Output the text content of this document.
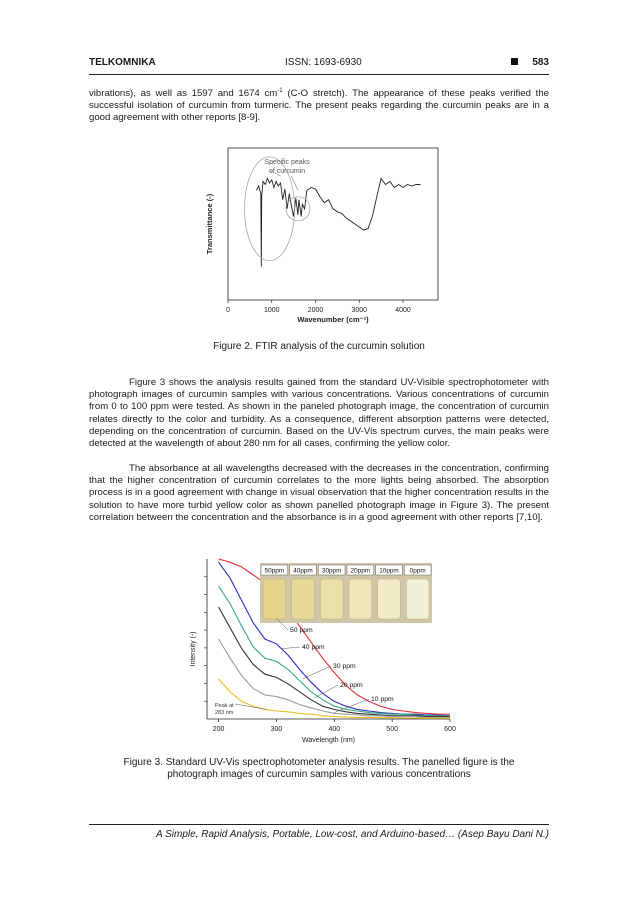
TELKOMNIKA	ISSN: 1693-6930	583

vibrations), as well as 1597 and 1674 $cm^{-1}$ (C-O stretch). The appearance of these peaks verified the successful isolation of curcumin from turmeric. The present peaks regarding the curcumin peaks are in a good agreement with other reports [8-9].

0	1000	2000	3000	4000
Wavenumber (cm⁻¹)
Transmittance (-)
Specific peaks
of curcumin
Figure 2. FTIR analysis of the curcumin solution

Figure 3 shows the analysis results gained from the standard UV-Visible spectrophotometer with photograph images of curcumin samples with various concentrations. Various concentrations of curcumin from 0 to 100 ppm were tested. As shown in the paneled photograph image, the concentration of curcumin relates directly to the color and turbidity. As a consequence, different absorption patterns were detected, depending on the concentration of curcumin. Based on the UV-Vis spectrum curves, the main peaks were detected at the wavelength of about 280 nm for all cases, confirming the yellow color.

The absorbance at all wavelengths decreased with the decreases in the concentration, confirming that the higher concentration of curcumin correlates to the more lights being absorbed. The absorption process is in a good agreement with change in visual observation that the higher concentration results in the solution to have more turbid yellow color as shown panelled photograph image in Figure 3). The present correlation between the concentration and the absorbance is in a good agreement with other reports [7,10].

200	300	400	500	600
Wavelength (nm)
Intensity (-)
50ppm 40ppm 30ppm 20ppm 10ppm 0ppm
50 ppm
40 ppm
30 ppm
20 ppm
10 ppm
Peak at
283 nm
Figure 3. Standard UV-Vis spectrophotometer analysis results. The panelled figure is the
photograph images of curcumin samples with various concentrations
A Simple, Rapid Analysis, Portable, Low-cost, and Arduino-based… (Asep Bayu Dani N.)
